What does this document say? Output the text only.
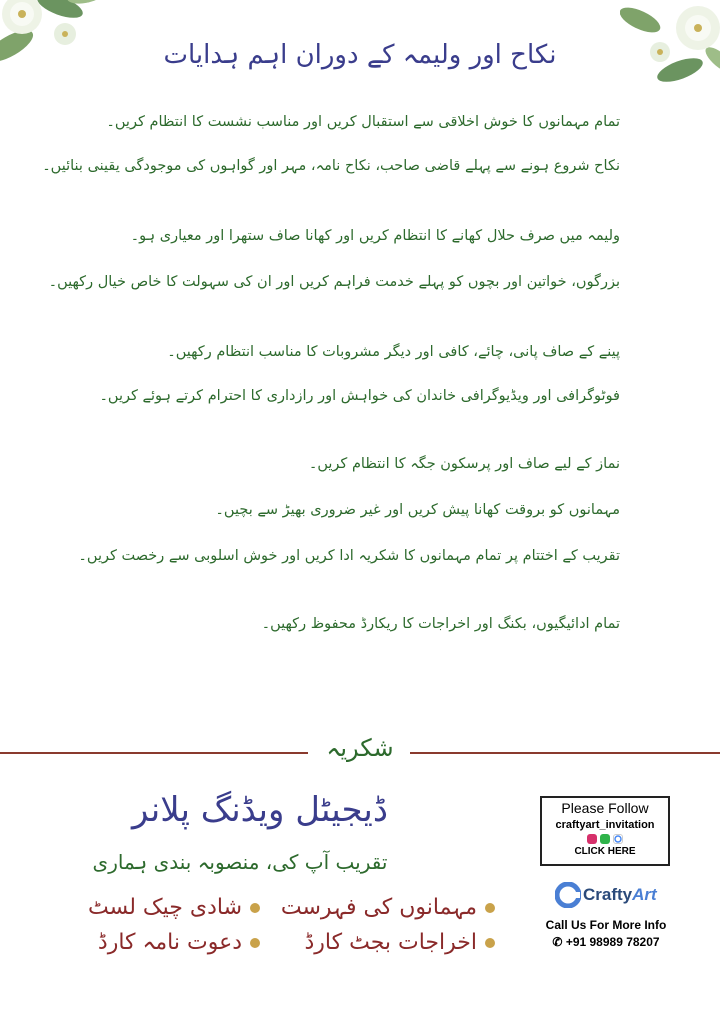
نکاح اور ولیمہ کے دوران اہم ہدایات

تمام مہمانوں کا خوش اخلاقی سے استقبال کریں اور مناسب نشست کا انتظام کریں۔

نکاح شروع ہونے سے پہلے قاضی صاحب، نکاح نامہ، مہر اور گواہوں کی موجودگی یقینی بنائیں۔

ولیمہ میں صرف حلال کھانے کا انتظام کریں اور کھانا صاف ستھرا اور معیاری ہو۔

بزرگوں، خواتین اور بچوں کو پہلے خدمت فراہم کریں اور ان کی سہولت کا خاص خیال رکھیں۔

پینے کے صاف پانی، چائے، کافی اور دیگر مشروبات کا مناسب انتظام رکھیں۔

فوٹوگرافی اور ویڈیوگرافی خاندان کی خواہش اور رازداری کا احترام کرتے ہوئے کریں۔

نماز کے لیے صاف اور پرسکون جگہ کا انتظام کریں۔

مہمانوں کو بروقت کھانا پیش کریں اور غیر ضروری بھیڑ سے بچیں۔

تقریب کے اختتام پر تمام مہمانوں کا شکریہ ادا کریں اور خوش اسلوبی سے رخصت کریں۔

تمام ادائیگیوں، بکنگ اور اخراجات کا ریکارڈ محفوظ رکھیں۔

شکریہ
ڈیجیٹل ویڈنگ پلانر
تقریب آپ کی، منصوبہ بندی ہماری
مہمانوں کی فہرست
شادی چیک لسٹ
اخراجات بجٹ کارڈ
دعوت نامہ کارڈ
Please Follow
craftyart_invitation
CLICK HERE
CraftyArt
Call Us For More Info
✆ +91 98989 78207
